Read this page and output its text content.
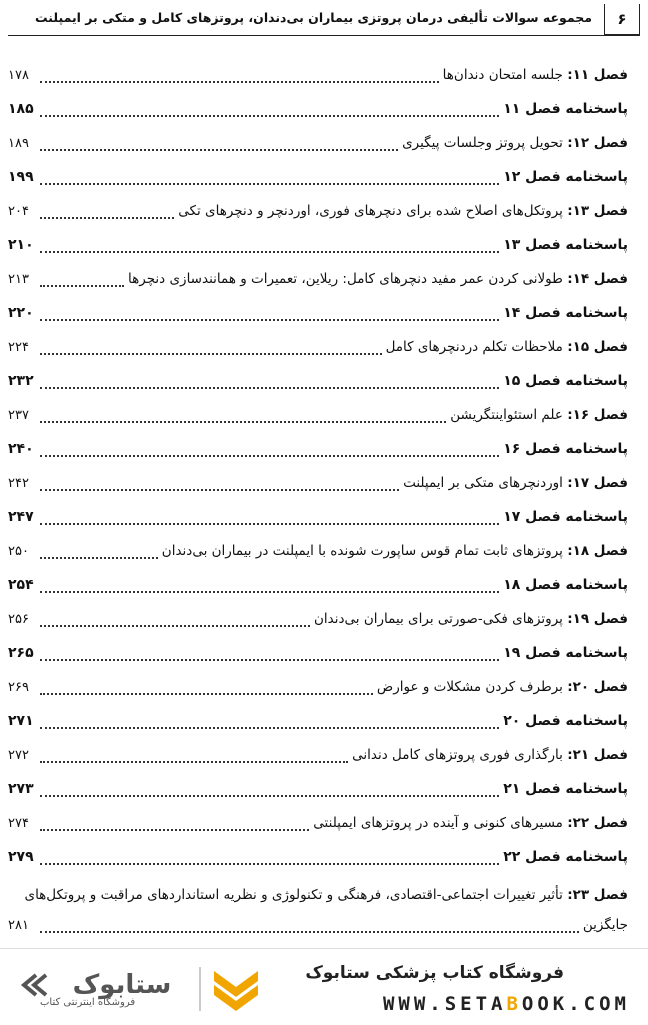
۶
مجموعه سوالات تألیفی درمان پروتزی بیماران بی‌دندان، پروتزهای کامل و متکی بر ایمپلنت
فصل ۱۱: جلسه امتحان دندان‌ها
۱۷۸
پاسخنامه فصل ۱۱
۱۸۵
فصل ۱۲: تحویل پروتز وجلسات پیگیری
۱۸۹
پاسخنامه فصل ۱۲
۱۹۹
فصل ۱۳: پروتکل‌های اصلاح شده برای دنچرهای فوری، اوردنچر و دنچرهای تکی
۲۰۴
پاسخنامه فصل ۱۳
۲۱۰
فصل ۱۴: طولانی کردن عمر مفید دنچرهای کامل: ریلاین، تعمیرات و همانندسازی دنچرها
۲۱۳
پاسخنامه فصل ۱۴
۲۲۰
فصل ۱۵: ملاحظات تکلم دردنچرهای کامل
۲۲۴
پاسخنامه فصل ۱۵
۲۳۲
فصل ۱۶: علم استئواینتگریشن
۲۳۷
پاسخنامه فصل ۱۶
۲۴۰
فصل ۱۷: اوردنچرهای متکی بر ایمپلنت
۲۴۲
پاسخنامه فصل ۱۷
۲۴۷
فصل ۱۸: پروتزهای ثابت تمام قوس ساپورت شونده با ایمپلنت در بیماران بی‌دندان
۲۵۰
پاسخنامه فصل ۱۸
۲۵۴
فصل ۱۹: پروتزهای فکی-صورتی برای بیماران بی‌دندان
۲۵۶
پاسخنامه فصل ۱۹
۲۶۵
فصل ۲۰: برطرف کردن مشکلات و عوارض
۲۶۹
پاسخنامه فصل ۲۰
۲۷۱
فصل ۲۱: بارگذاری فوری پروتزهای کامل دندانی
۲۷۲
پاسخنامه فصل ۲۱
۲۷۳
فصل ۲۲: مسیرهای کنونی و آینده در پروتزهای ایمپلنتی
۲۷۴
پاسخنامه فصل ۲۲
۲۷۹
فصل ۲۳: تأثیر تغییرات اجتماعی-اقتصادی، فرهنگی و تکنولوژی و نظریه استانداردهای مراقبت و پروتکل‌های
جایگزین
۲۸۱
فروشگاه کتاب پزشکی ستابوک
WWW.SETABOOK.COM
ستابوک
فروشگاه اینترنتی کتاب
